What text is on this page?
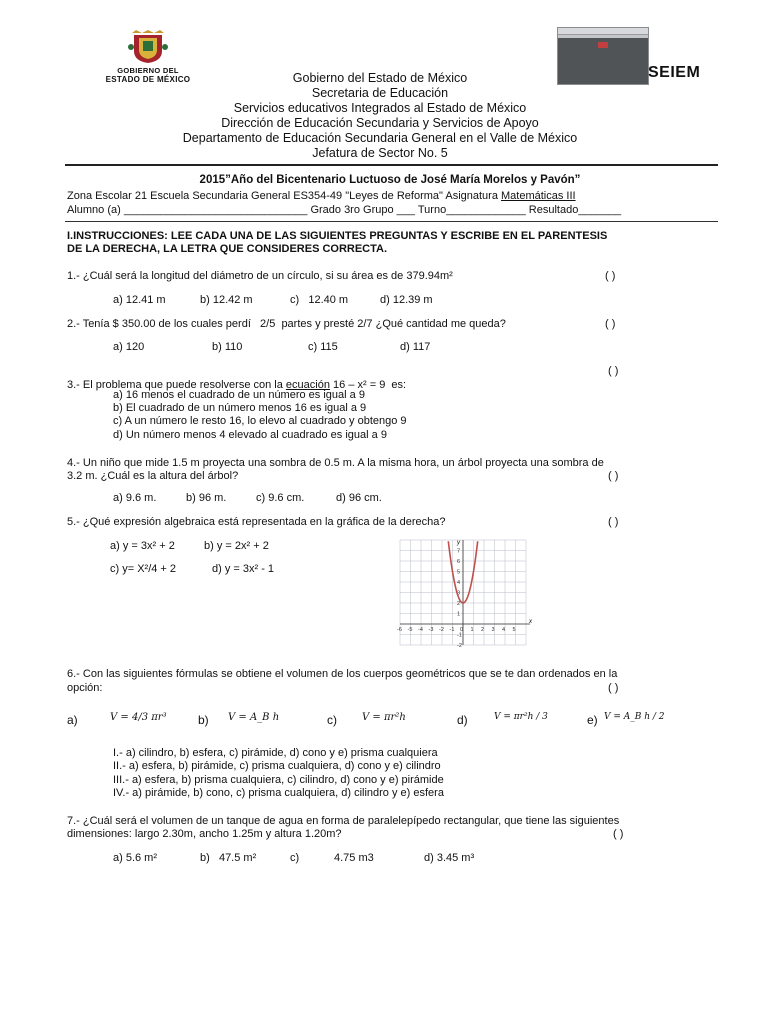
GOBIERNO DEL
ESTADO DE MÉXICO	SEIEM
Gobierno del Estado de México
Secretaria de Educación
Servicios educativos Integrados al Estado de México
Dirección de Educación Secundaria y Servicios de Apoyo
Departamento de Educación Secundaria General en el Valle de México
Jefatura de Sector No. 5
2015”Año del Bicentenario Luctuoso de José María Morelos y Pavón”
Zona Escolar 21 Escuela Secundaria General ES354-49 "Leyes de Reforma" Asignatura Matemáticas III
Alumno (a) ______________________________ Grado 3ro Grupo ___ Turno_____________ Resultado_______
I.INSTRUCCIONES: LEE CADA UNA DE LAS SIGUIENTES PREGUNTAS Y ESCRIBE EN EL PARENTESIS
DE LA DERECHA, LA LETRA QUE CONSIDERES CORRECTA.
1.- ¿Cuál será la longitud del diámetro de un círculo, si su área es de 379.94m²	( )
a) 12.41 m	b) 12.42 m	c)   12.40 m	d) 12.39 m
2.- Tenía $ 350.00 de los cuales perdí   2/5  partes y presté 2/7 ¿Qué cantidad me queda?	( )
a) 120	b) 110	c) 115	d) 117

3.- El problema que puede resolverse con la ecuación 16 – x² = 9  es:
( )
a) 16 menos el cuadrado de un número es igual a 9
b) El cuadrado de un número menos 16 es igual a 9
c) A un número le resto 16, lo elevo al cuadrado y obtengo 9
d) Un número menos 4 elevado al cuadrado es igual a 9
4.- Un niño que mide 1.5 m proyecta una sombra de 0.5 m. A la misma hora, un árbol proyecta una sombra de
3.2 m. ¿Cuál es la altura del árbol?	( )
a) 9.6 m.	b) 96 m.	c) 9.6 cm.	d) 96 cm.
5.- ¿Qué expresión algebraica está representada en la gráfica de la derecha?	( )
a) y = 3x² + 2	b) y = 2x² + 2
c) y= X²/4 + 2	d) y = 3x² - 1
-6 -5 -4 -3 -2 -1 0 1 2 3 4 5
7
6
5
4
3
2
1
-1
-2
x
y
6.- Con las siguientes fórmulas se obtiene el volumen de los cuerpos geométricos que se te dan ordenados en la
opción:	( )
a)	V = 4/3 πr³	b) V = A_B h	c)	V = πr²h	d)	V = πr²h / 3	e) V = A_B h / 2
I.- a) cilindro, b) esfera, c) pirámide, d) cono y e) prisma cualquiera
II.- a) esfera, b) pirámide, c) prisma cualquiera, d) cono y e) cilindro
III.- a) esfera, b) prisma cualquiera, c) cilindro, d) cono y e) pirámide
IV.- a) pirámide, b) cono, c) prisma cualquiera, d) cilindro y e) esfera
7.- ¿Cuál será el volumen de un tanque de agua en forma de paralelepípedo rectangular, que tiene las siguientes
dimensiones: largo 2.30m, ancho 1.25m y altura 1.20m?	( )
a) 5.6 m²	b)   47.5 m²	c)	4.75 m3	d) 3.45 m³
